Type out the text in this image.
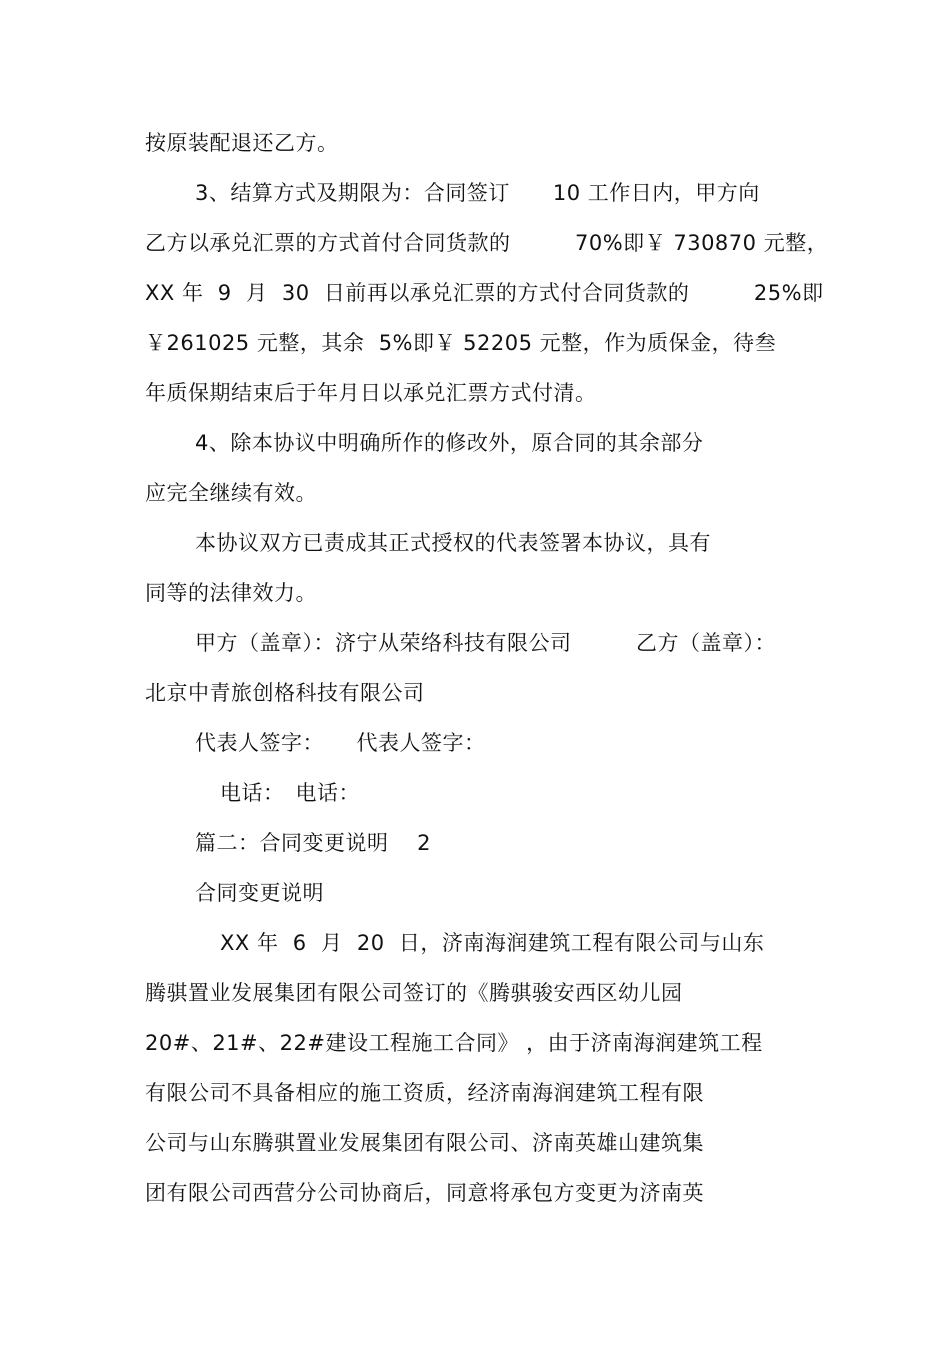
按原装配退还乙方。
3、结算方式及期限为：合同签订　　10 工作日内，甲方向
乙方以承兑汇票的方式首付合同货款的　　　70%即￥ 730870 元整，
XX 年  9  月  30  日前再以承兑汇票的方式付合同货款的　　　25%即
￥261025 元整，其余  5%即￥ 52205 元整，作为质保金，待叁
年质保期结束后于年月日以承兑汇票方式付清。
4、除本协议中明确所作的修改外，原合同的其余部分
应完全继续有效。
本协议双方已责成其正式授权的代表签署本协议，具有
同等的法律效力。
甲方（盖章）：济宁从荣络科技有限公司　　　乙方（盖章）：
北京中青旅创格科技有限公司
代表人签字：　　代表人签字：
电话：　电话：
篇二：合同变更说明　 2
合同变更说明
XX 年  6  月  20  日，济南海润建筑工程有限公司与山东
腾骐置业发展集团有限公司签订的《腾骐骏安西区幼儿园
20#、21#、22#建设工程施工合同》 ，由于济南海润建筑工程
有限公司不具备相应的施工资质，经济南海润建筑工程有限
公司与山东腾骐置业发展集团有限公司、济南英雄山建筑集
团有限公司西营分公司协商后，同意将承包方变更为济南英
